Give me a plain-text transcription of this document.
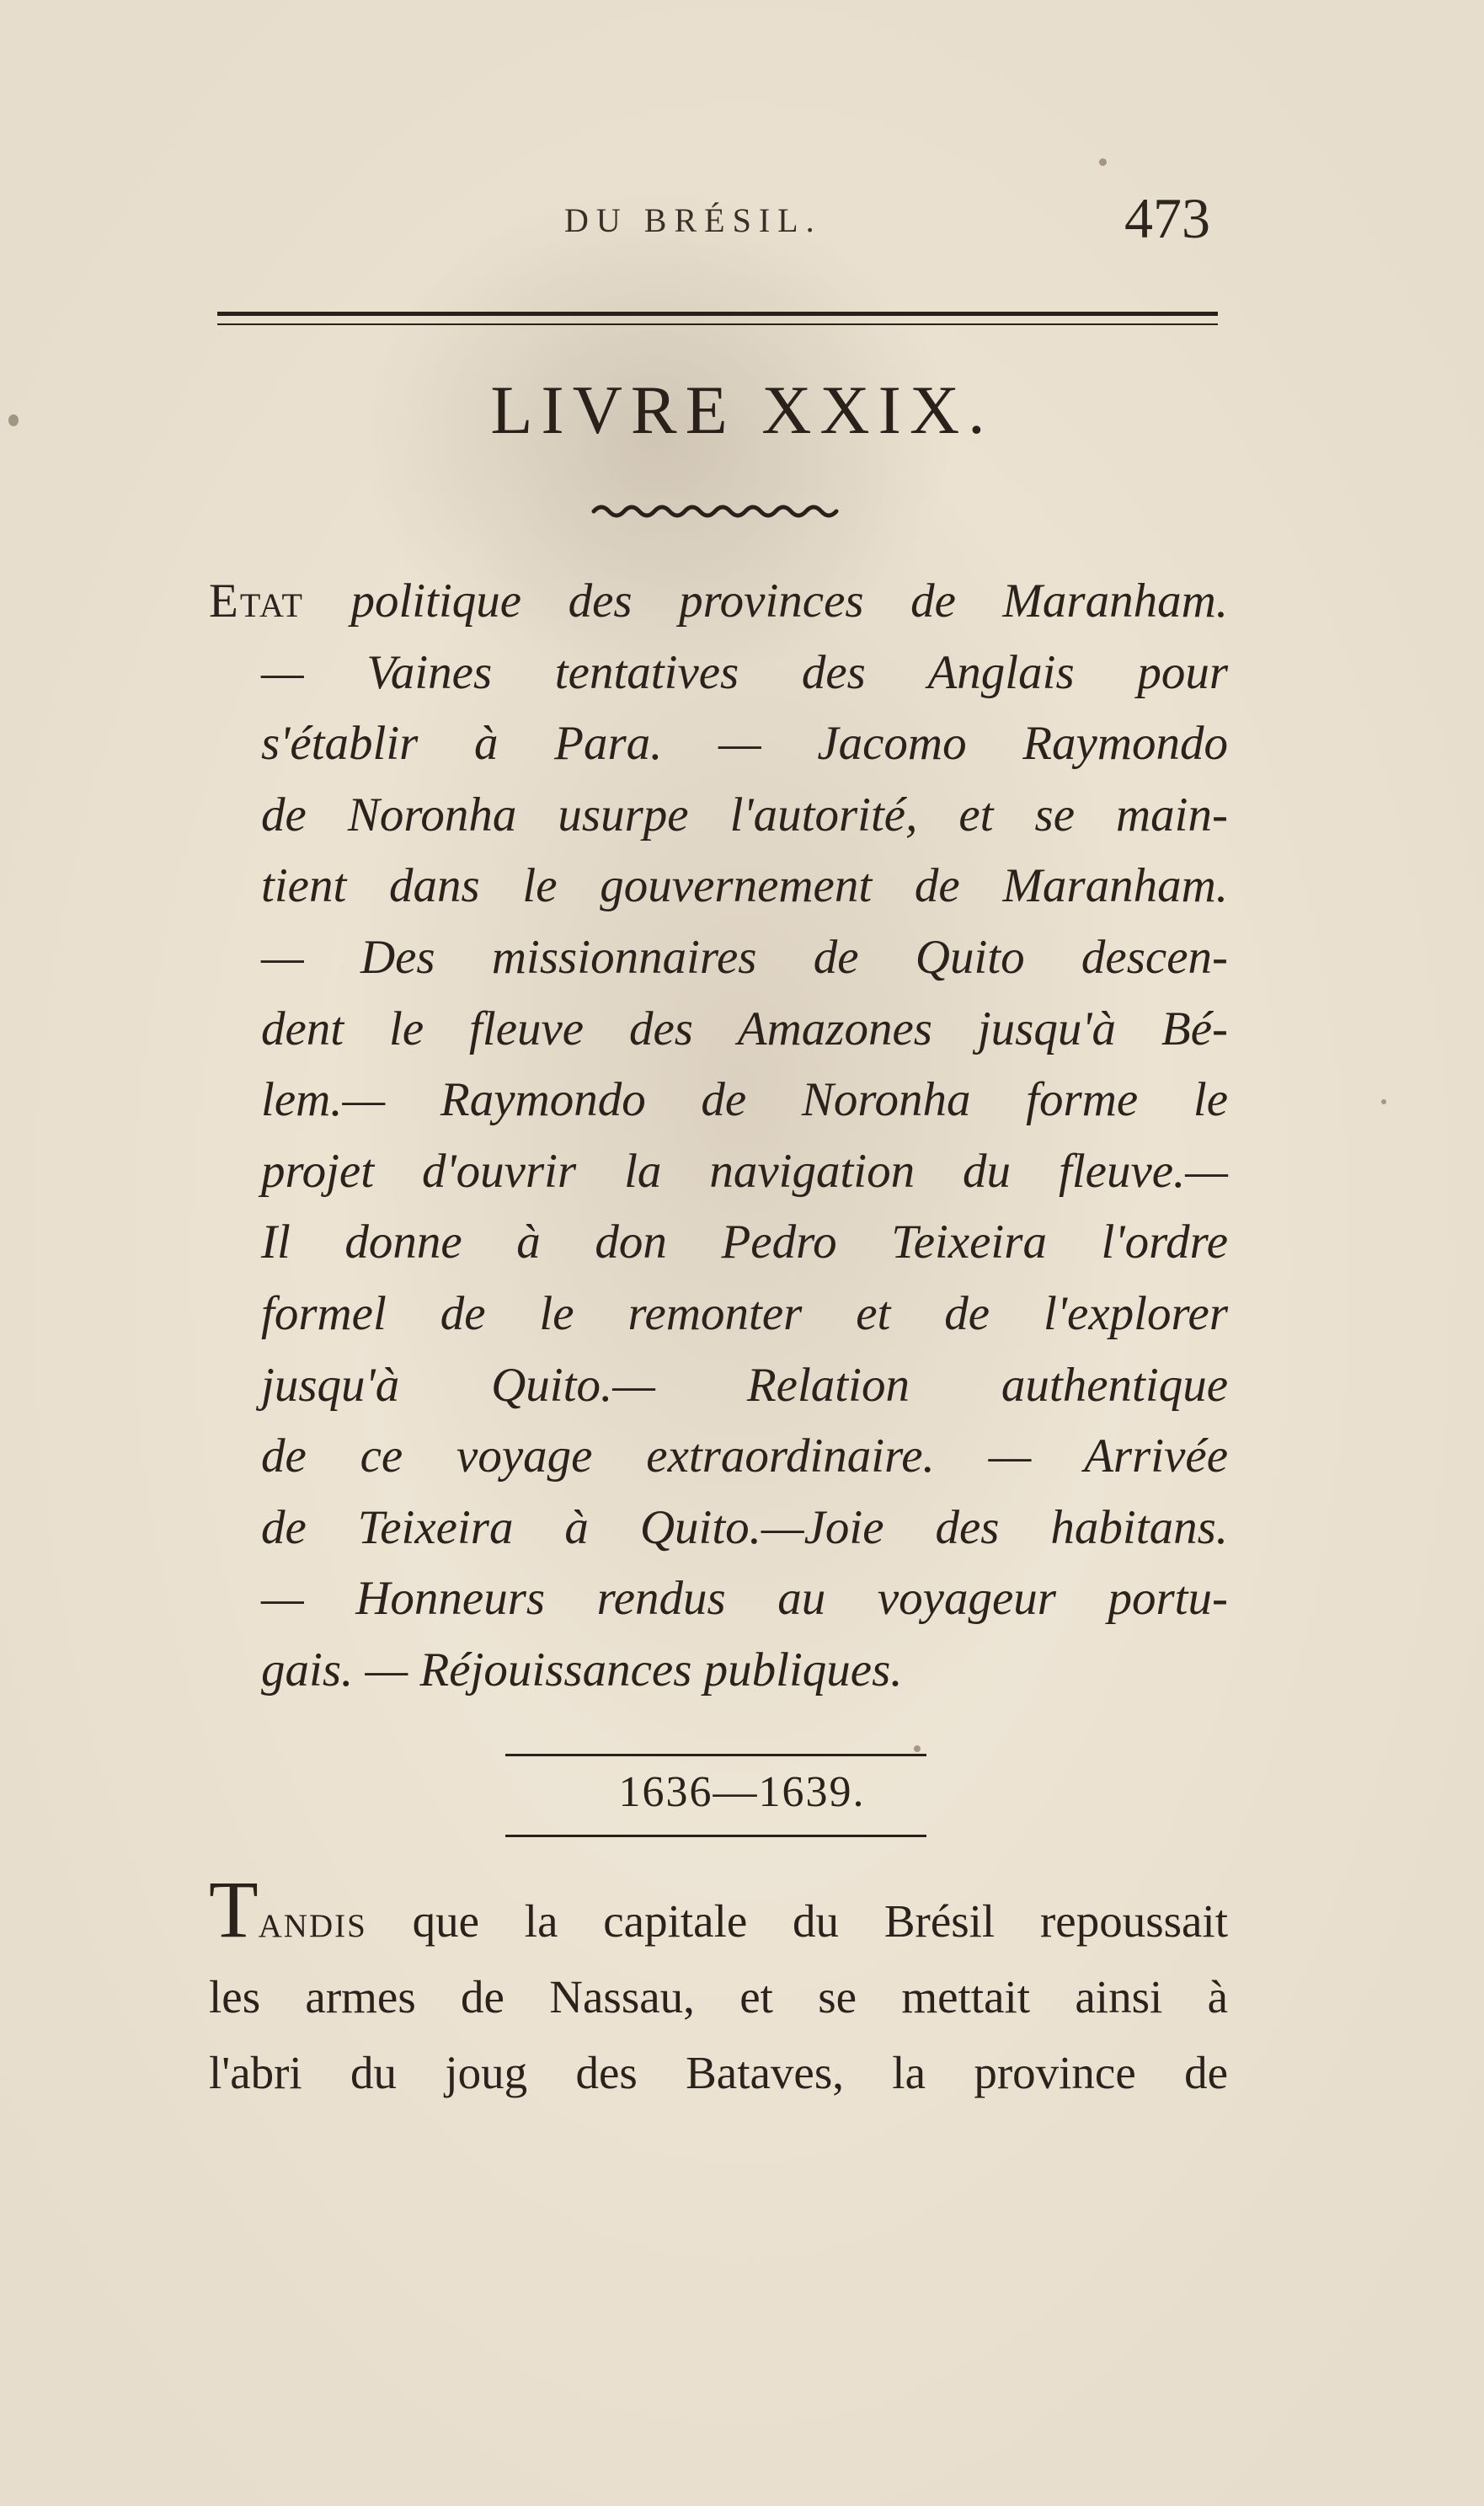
DU BRÉSIL.	473
LIVRE XXIX.
Etat politique des provinces de Maranham.
— Vaines tentatives des Anglais pour
s'établir à Para. — Jacomo Raymondo
de Noronha usurpe l'autorité, et se main-
tient dans le gouvernement de Maranham.
— Des missionnaires de Quito descen-
dent le fleuve des Amazones jusqu'à Bé-
lem.— Raymondo de Noronha forme le
projet d'ouvrir la navigation du fleuve.—
Il donne à don Pedro Teixeira l'ordre
formel de le remonter et de l'explorer
jusqu'à Quito.— Relation authentique
de ce voyage extraordinaire. — Arrivée
de Teixeira à Quito.—Joie des habitans.
— Honneurs rendus au voyageur portu-
gais. — Réjouissances publiques.
1636—1639.
Tandis que la capitale du Brésil repoussait
les armes de Nassau, et se mettait ainsi à
l'abri du joug des Bataves, la province de
